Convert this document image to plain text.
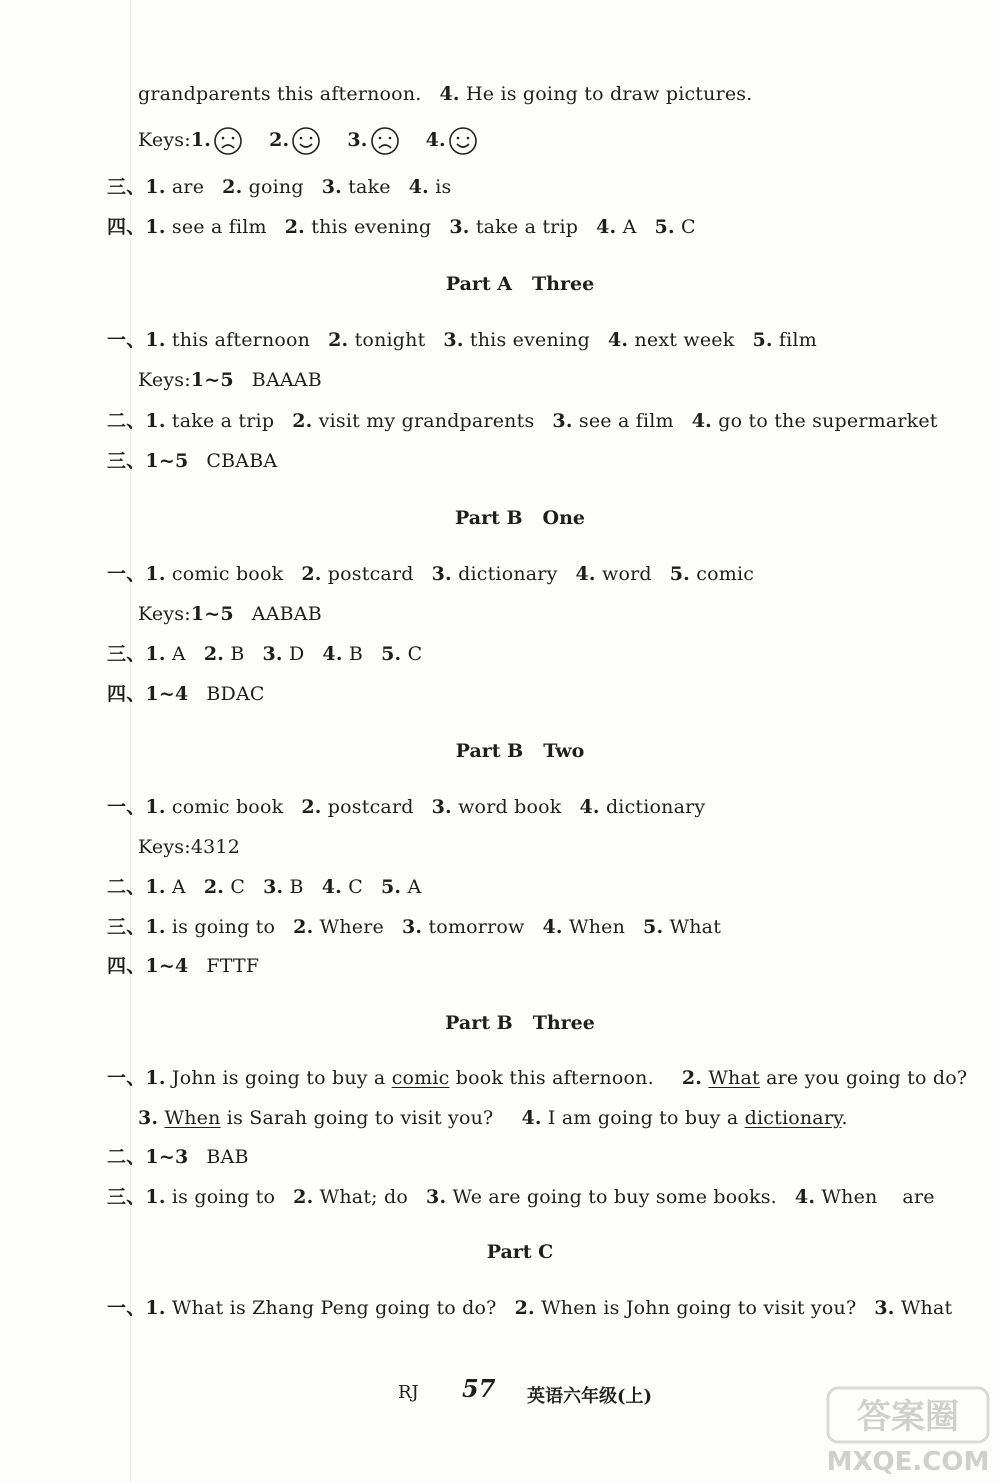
grandparents this afternoon. 4. He is going to draw pictures.
Keys:1.	2.	3.	4.
三、1. are 2. going 3. take 4. is
四、1. see a film 2. this evening 3. take a trip 4. A 5. C
Part A Three
一、1. this afternoon 2. tonight 3. this evening 4. next week 5. film
Keys:1~5 BAAAB
二、1. take a trip 2. visit my grandparents 3. see a film 4. go to the supermarket
三、1~5 CBABA
Part B One
一、1. comic book 2. postcard 3. dictionary 4. word 5. comic
Keys:1~5 AABAB
三、1. A 2. B 3. D 4. B 5. C
四、1~4 BDAC
Part B Two
一、1. comic book 2. postcard 3. word book 4. dictionary
Keys:4312
二、1. A 2. C 3. B 4. C 5. A
三、1. is going to 2. Where 3. tomorrow 4. When 5. What
四、1~4 FTTF
Part B Three
一、1. John is going to buy a comic book this afternoon. 2. What are you going to do?
3. When is Sarah going to visit you? 4. I am going to buy a dictionary.
二、1~3 BAB
三、1. is going to 2. What; do 3. We are going to buy some books. 4. When    are
Part C
一、1. What is Zhang Peng going to do? 2. When is John going to visit you? 3. What
RJ 57 英语六年级(上)
答案圈
MXQE.COM
